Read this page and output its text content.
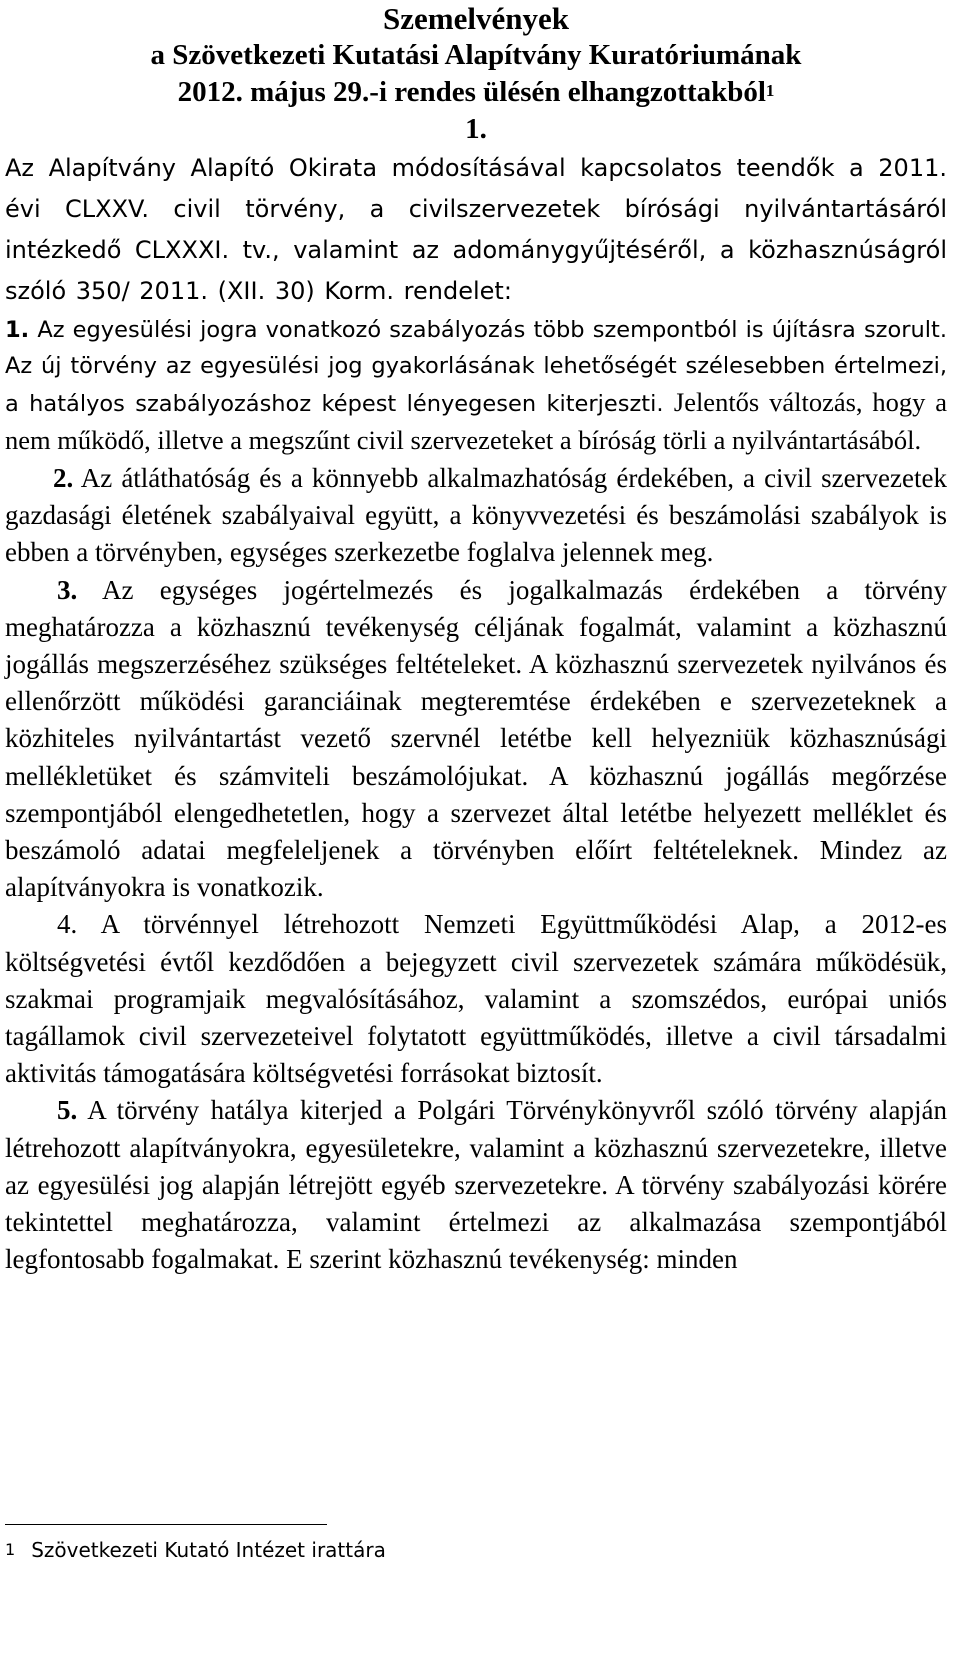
Szemelvények
a Szövetkezeti Kutatási Alapítvány Kuratóriumának
2012. május 29.-i rendes ülésén elhangzottakból$^1$
1.

Az Alapítvány Alapító Okirata módosításával kapcsolatos teendők a 2011. évi CLXXV. civil törvény, a civilszervezetek bírósági nyilvántartásáról intézkedő CLXXXI. tv., valamint az adománygyűjtéséről, a közhasznúságról szóló 350/ 2011. (XII. 30) Korm. rendelet:

1. Az egyesülési jogra vonatkozó szabályozás több szempontból is újításra szorult. Az új törvény az egyesülési jog gyakorlásának lehetőségét szélesebben értelmezi, a hatályos szabályozáshoz képest lényegesen kiterjeszti. Jelentős változás, hogy a nem működő, illetve a megszűnt civil szervezeteket a bíróság törli a nyilvántartásából.

2. Az átláthatóság és a könnyebb alkalmazhatóság érdekében, a civil szervezetek gazdasági életének szabályaival együtt, a könyvvezetési és beszámolási szabályok is ebben a törvényben, egységes szerkezetbe foglalva jelennek meg.

3. Az egységes jogértelmezés és jogalkalmazás érdekében a törvény meghatározza a közhasznú tevékenység céljának fogalmát, valamint a közhasznú jogállás megszerzéséhez szükséges feltételeket. A közhasznú szervezetek nyilvános és ellenőrzött működési garanciáinak megteremtése érdekében e szervezeteknek a közhiteles nyilvántartást vezető szervnél letétbe kell helyezniük közhasznúsági mellékletüket és számviteli beszámolójukat. A közhasznú jogállás megőrzése szempontjából elengedhetetlen, hogy a szervezet által letétbe helyezett melléklet és beszámoló adatai megfeleljenek a törvényben előírt feltételeknek. Mindez az alapítványokra is vonatkozik.

4. A törvénnyel létrehozott Nemzeti Együttműködési Alap, a 2012-es költségvetési évtől kezdődően a bejegyzett civil szervezetek számára működésük, szakmai programjaik megvalósításához, valamint a szomszédos, európai uniós tagállamok civil szervezeteivel folytatott együttműködés, illetve a civil társadalmi aktivitás támogatására költségvetési forrásokat biztosít.

5. A törvény hatálya kiterjed a Polgári Törvénykönyvről szóló törvény alapján létrehozott alapítványokra, egyesületekre, valamint a közhasznú szervezetekre, illetve az egyesülési jog alapján létrejött egyéb szervezetekre. A törvény szabályozási körére tekintettel meghatározza, valamint értelmezi az alkalmazása szempontjából legfontosabb fogalmakat. E szerint közhasznú tevékenység: minden

$^1$ Szövetkezeti Kutató Intézet irattára
